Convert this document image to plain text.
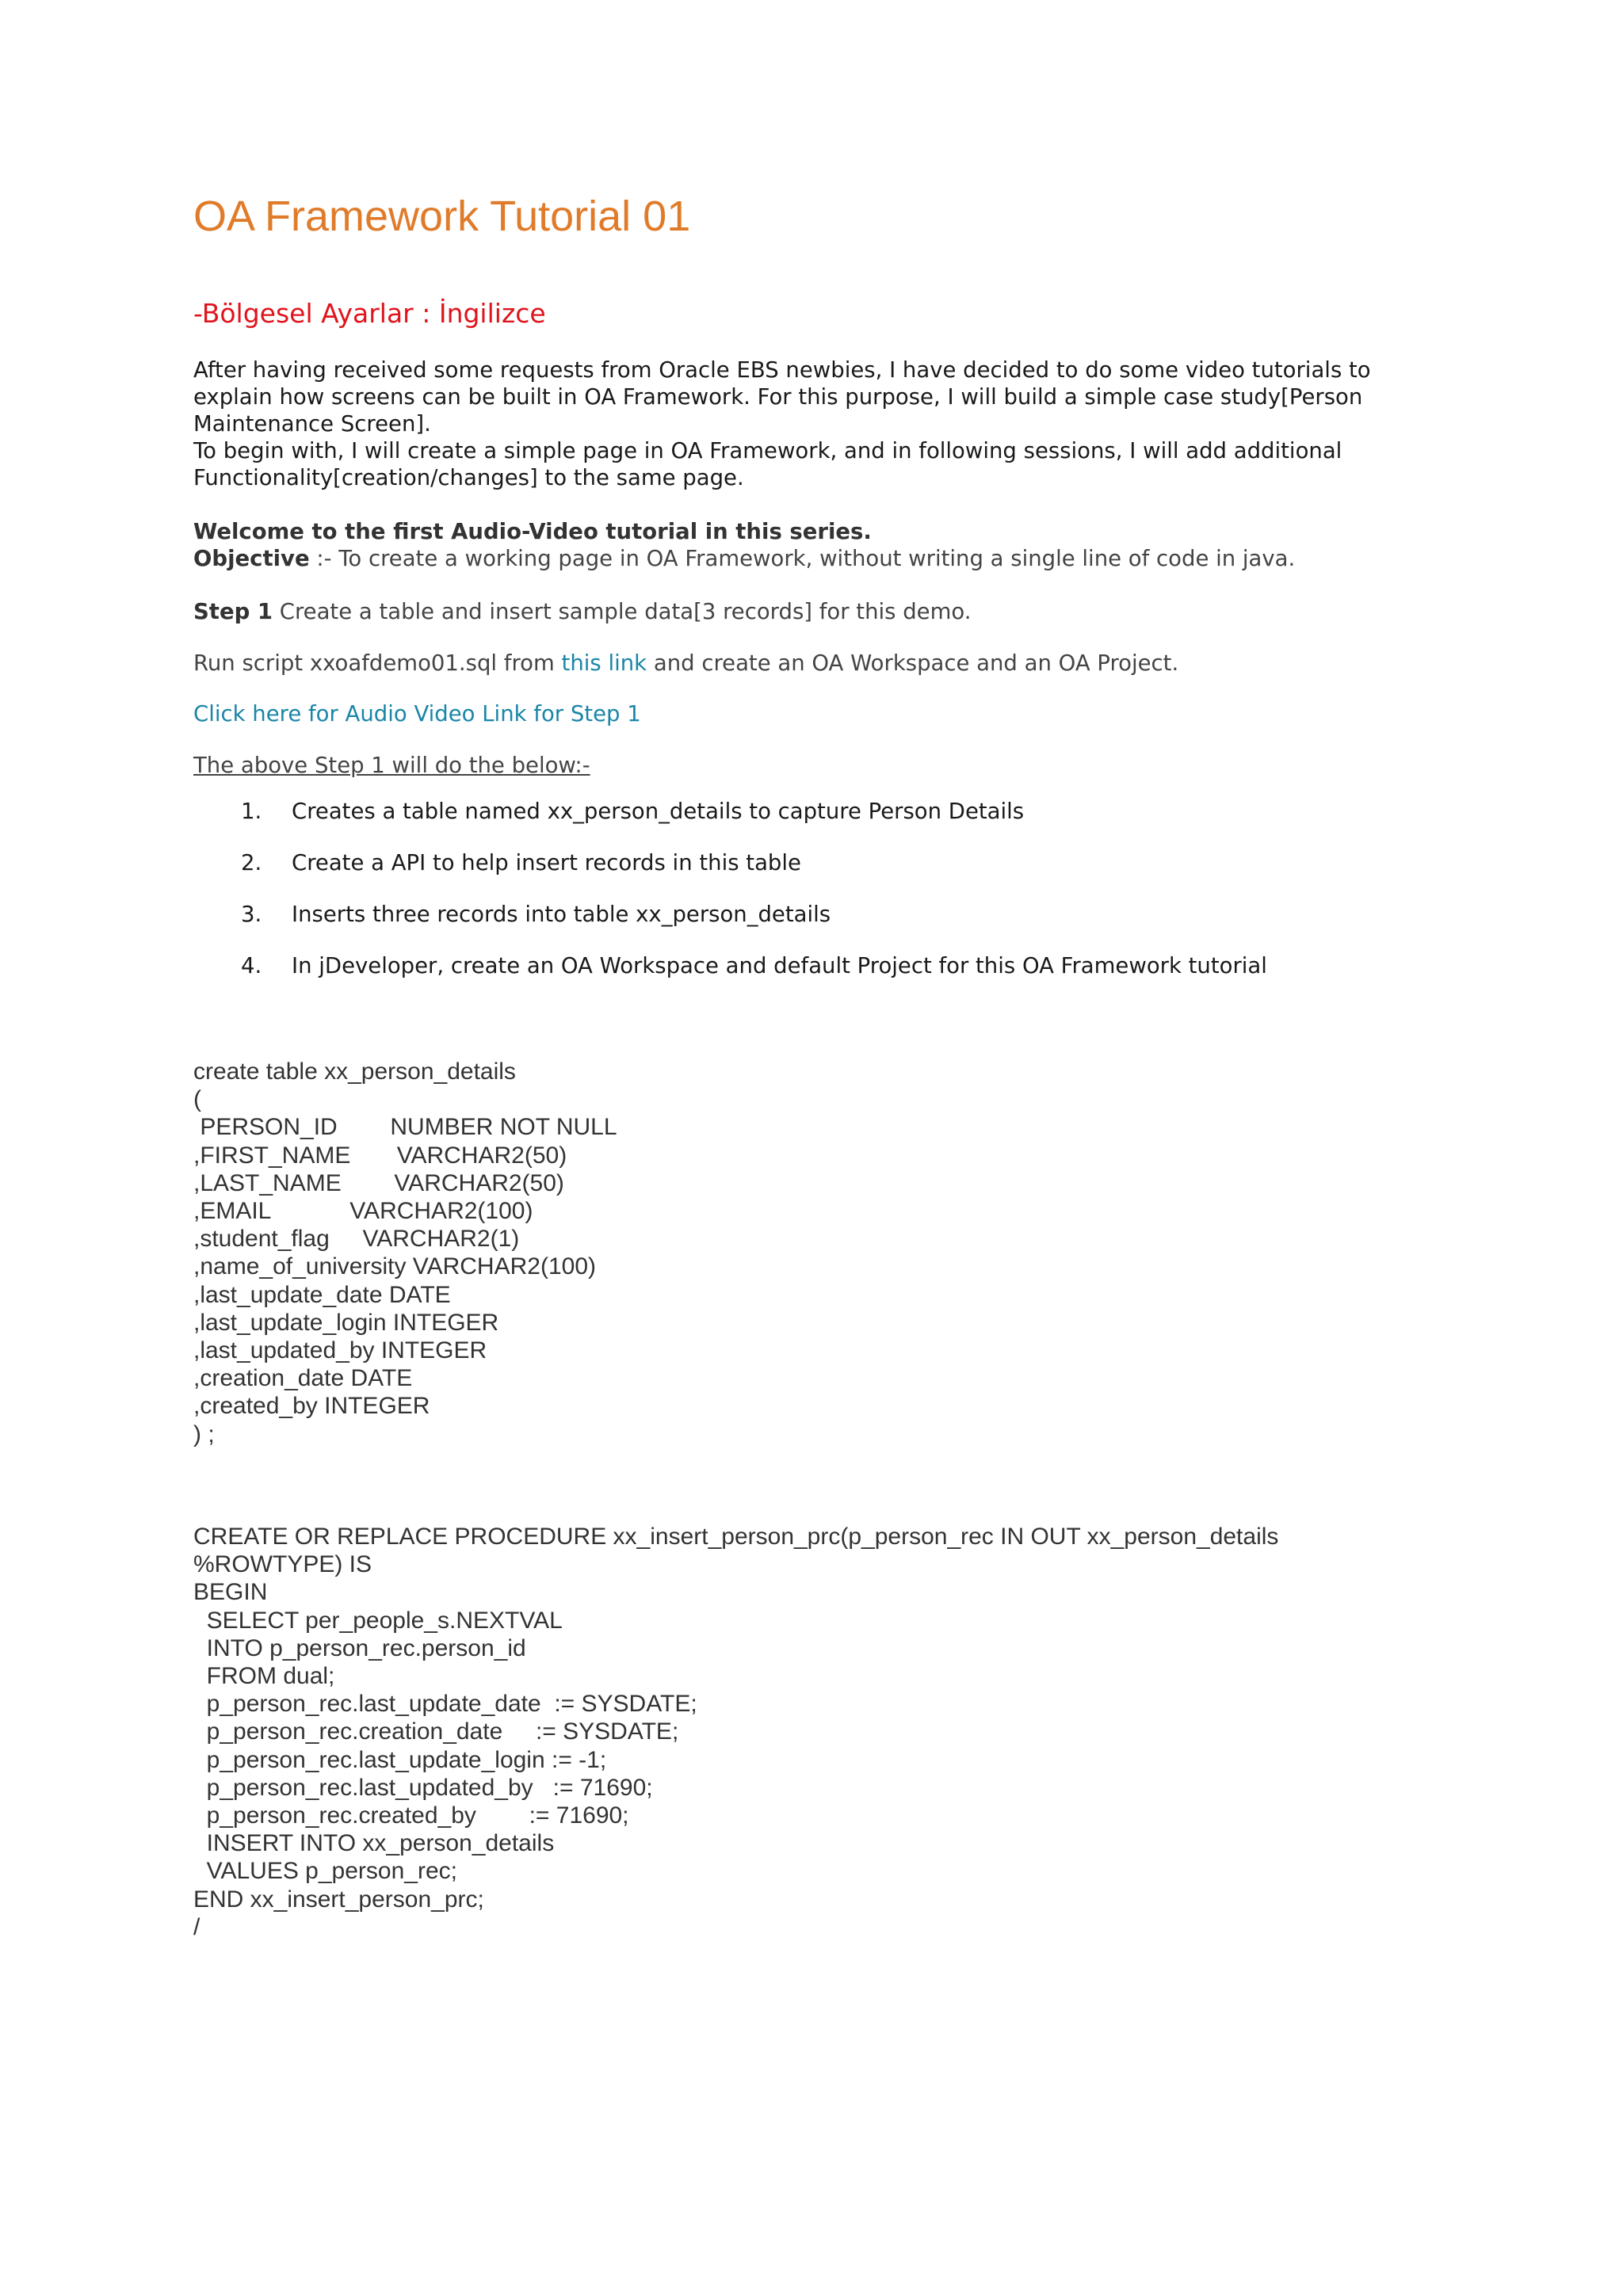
OA Framework Tutorial 01
-Bölgesel Ayarlar : İngilizce

After having received some requests from Oracle EBS newbies, I have decided to do some video tutorials to explain how screens can be built in OA Framework. For this purpose, I will build a simple case study[Person Maintenance Screen].

To begin with, I will create a simple page in OA Framework, and in following sessions, I will add additional Functionality[creation/changes] to the same page.

Welcome to the first Audio-Video tutorial in this series.
Objective :- To create a working page in OA Framework, without writing a single line of code in java.
Step 1 Create a table and insert sample data[3 records] for this demo.
Run script xxoafdemo01.sql from this link and create an OA Workspace and an OA Project.
Click here for Audio Video Link for Step 1
The above Step 1 will do the below:-
1.	Creates a table named xx_person_details to capture Person Details
2.	Create a API to help insert records in this table
3.	Inserts three records into table xx_person_details
4.	In jDeveloper, create an OA Workspace and default Project for this OA Framework tutorial
create table xx_person_details
(
PERSON_ID        NUMBER NOT NULL
,FIRST_NAME       VARCHAR2(50)
,LAST_NAME        VARCHAR2(50)
,EMAIL            VARCHAR2(100)
,student_flag     VARCHAR2(1)
,name_of_university VARCHAR2(100)
,last_update_date DATE
,last_update_login INTEGER
,last_updated_by INTEGER
,creation_date DATE
,created_by INTEGER
) ;
CREATE OR REPLACE PROCEDURE xx_insert_person_prc(p_person_rec IN OUT xx_person_details
%ROWTYPE) IS
BEGIN
SELECT per_people_s.NEXTVAL
INTO p_person_rec.person_id
FROM dual;
p_person_rec.last_update_date  := SYSDATE;
p_person_rec.creation_date     := SYSDATE;
p_person_rec.last_update_login := -1;
p_person_rec.last_updated_by   := 71690;
p_person_rec.created_by        := 71690;
INSERT INTO xx_person_details
VALUES p_person_rec;
END xx_insert_person_prc;
/
